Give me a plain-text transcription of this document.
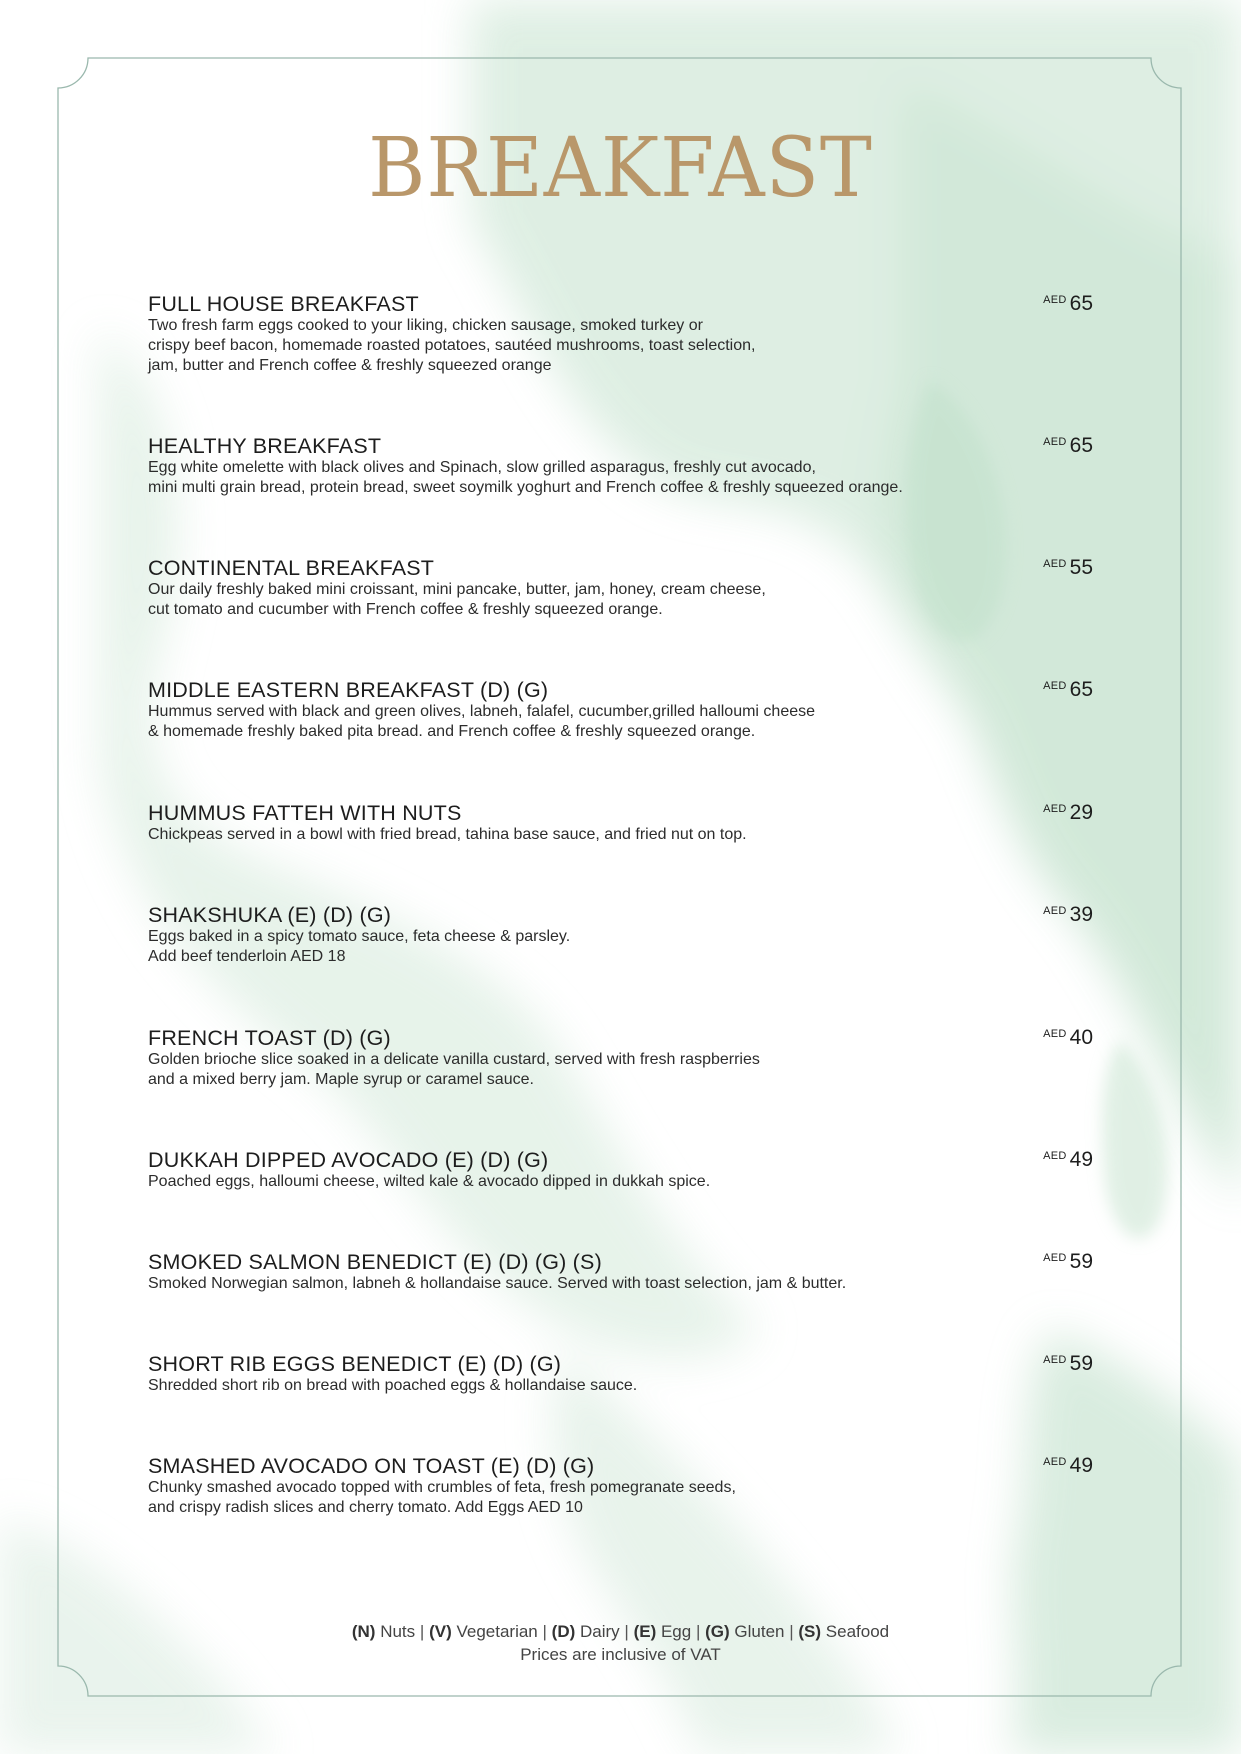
BREAKFAST
FULL HOUSE BREAKFAST
Two fresh farm eggs cooked to your liking, chicken sausage, smoked turkey or
crispy beef bacon, homemade roasted potatoes, sautéed mushrooms, toast selection,
jam, butter and French coffee & freshly squeezed orange
$^{AED}$ 65
HEALTHY BREAKFAST
Egg white omelette with black olives and Spinach, slow grilled asparagus, freshly cut avocado,
mini multi grain bread, protein bread, sweet soymilk yoghurt and French coffee & freshly squeezed orange.
$^{AED}$ 65
CONTINENTAL BREAKFAST
Our daily freshly baked mini croissant, mini pancake, butter, jam, honey, cream cheese,
cut tomato and cucumber with French coffee & freshly squeezed orange.
$^{AED}$ 55
MIDDLE EASTERN BREAKFAST (D) (G)
Hummus served with black and green olives, labneh, falafel, cucumber,grilled halloumi cheese
& homemade freshly baked pita bread. and French coffee & freshly squeezed orange.
$^{AED}$ 65
HUMMUS FATTEH WITH NUTS
Chickpeas served in a bowl with fried bread, tahina base sauce, and fried nut on top.
$^{AED}$ 29
SHAKSHUKA (E) (D) (G)
Eggs baked in a spicy tomato sauce, feta cheese & parsley.
Add beef tenderloin AED 18
$^{AED}$ 39
FRENCH TOAST (D) (G)
Golden brioche slice soaked in a delicate vanilla custard, served with fresh raspberries
and a mixed berry jam. Maple syrup or caramel sauce.
$^{AED}$ 40
DUKKAH DIPPED AVOCADO (E) (D) (G)
Poached eggs, halloumi cheese, wilted kale & avocado dipped in dukkah spice.
$^{AED}$ 49
SMOKED SALMON BENEDICT (E) (D) (G) (S)
Smoked Norwegian salmon, labneh & hollandaise sauce. Served with toast selection, jam & butter.
$^{AED}$ 59
SHORT RIB EGGS BENEDICT (E) (D) (G)
Shredded short rib on bread with poached eggs & hollandaise sauce.
$^{AED}$ 59
SMASHED AVOCADO ON TOAST (E) (D) (G)
Chunky smashed avocado topped with crumbles of feta, fresh pomegranate seeds,
and crispy radish slices and cherry tomato. Add Eggs AED 10
$^{AED}$ 49
(N) Nuts | (V) Vegetarian | (D) Dairy | (E) Egg | (G) Gluten | (S) Seafood
Prices are inclusive of VAT
